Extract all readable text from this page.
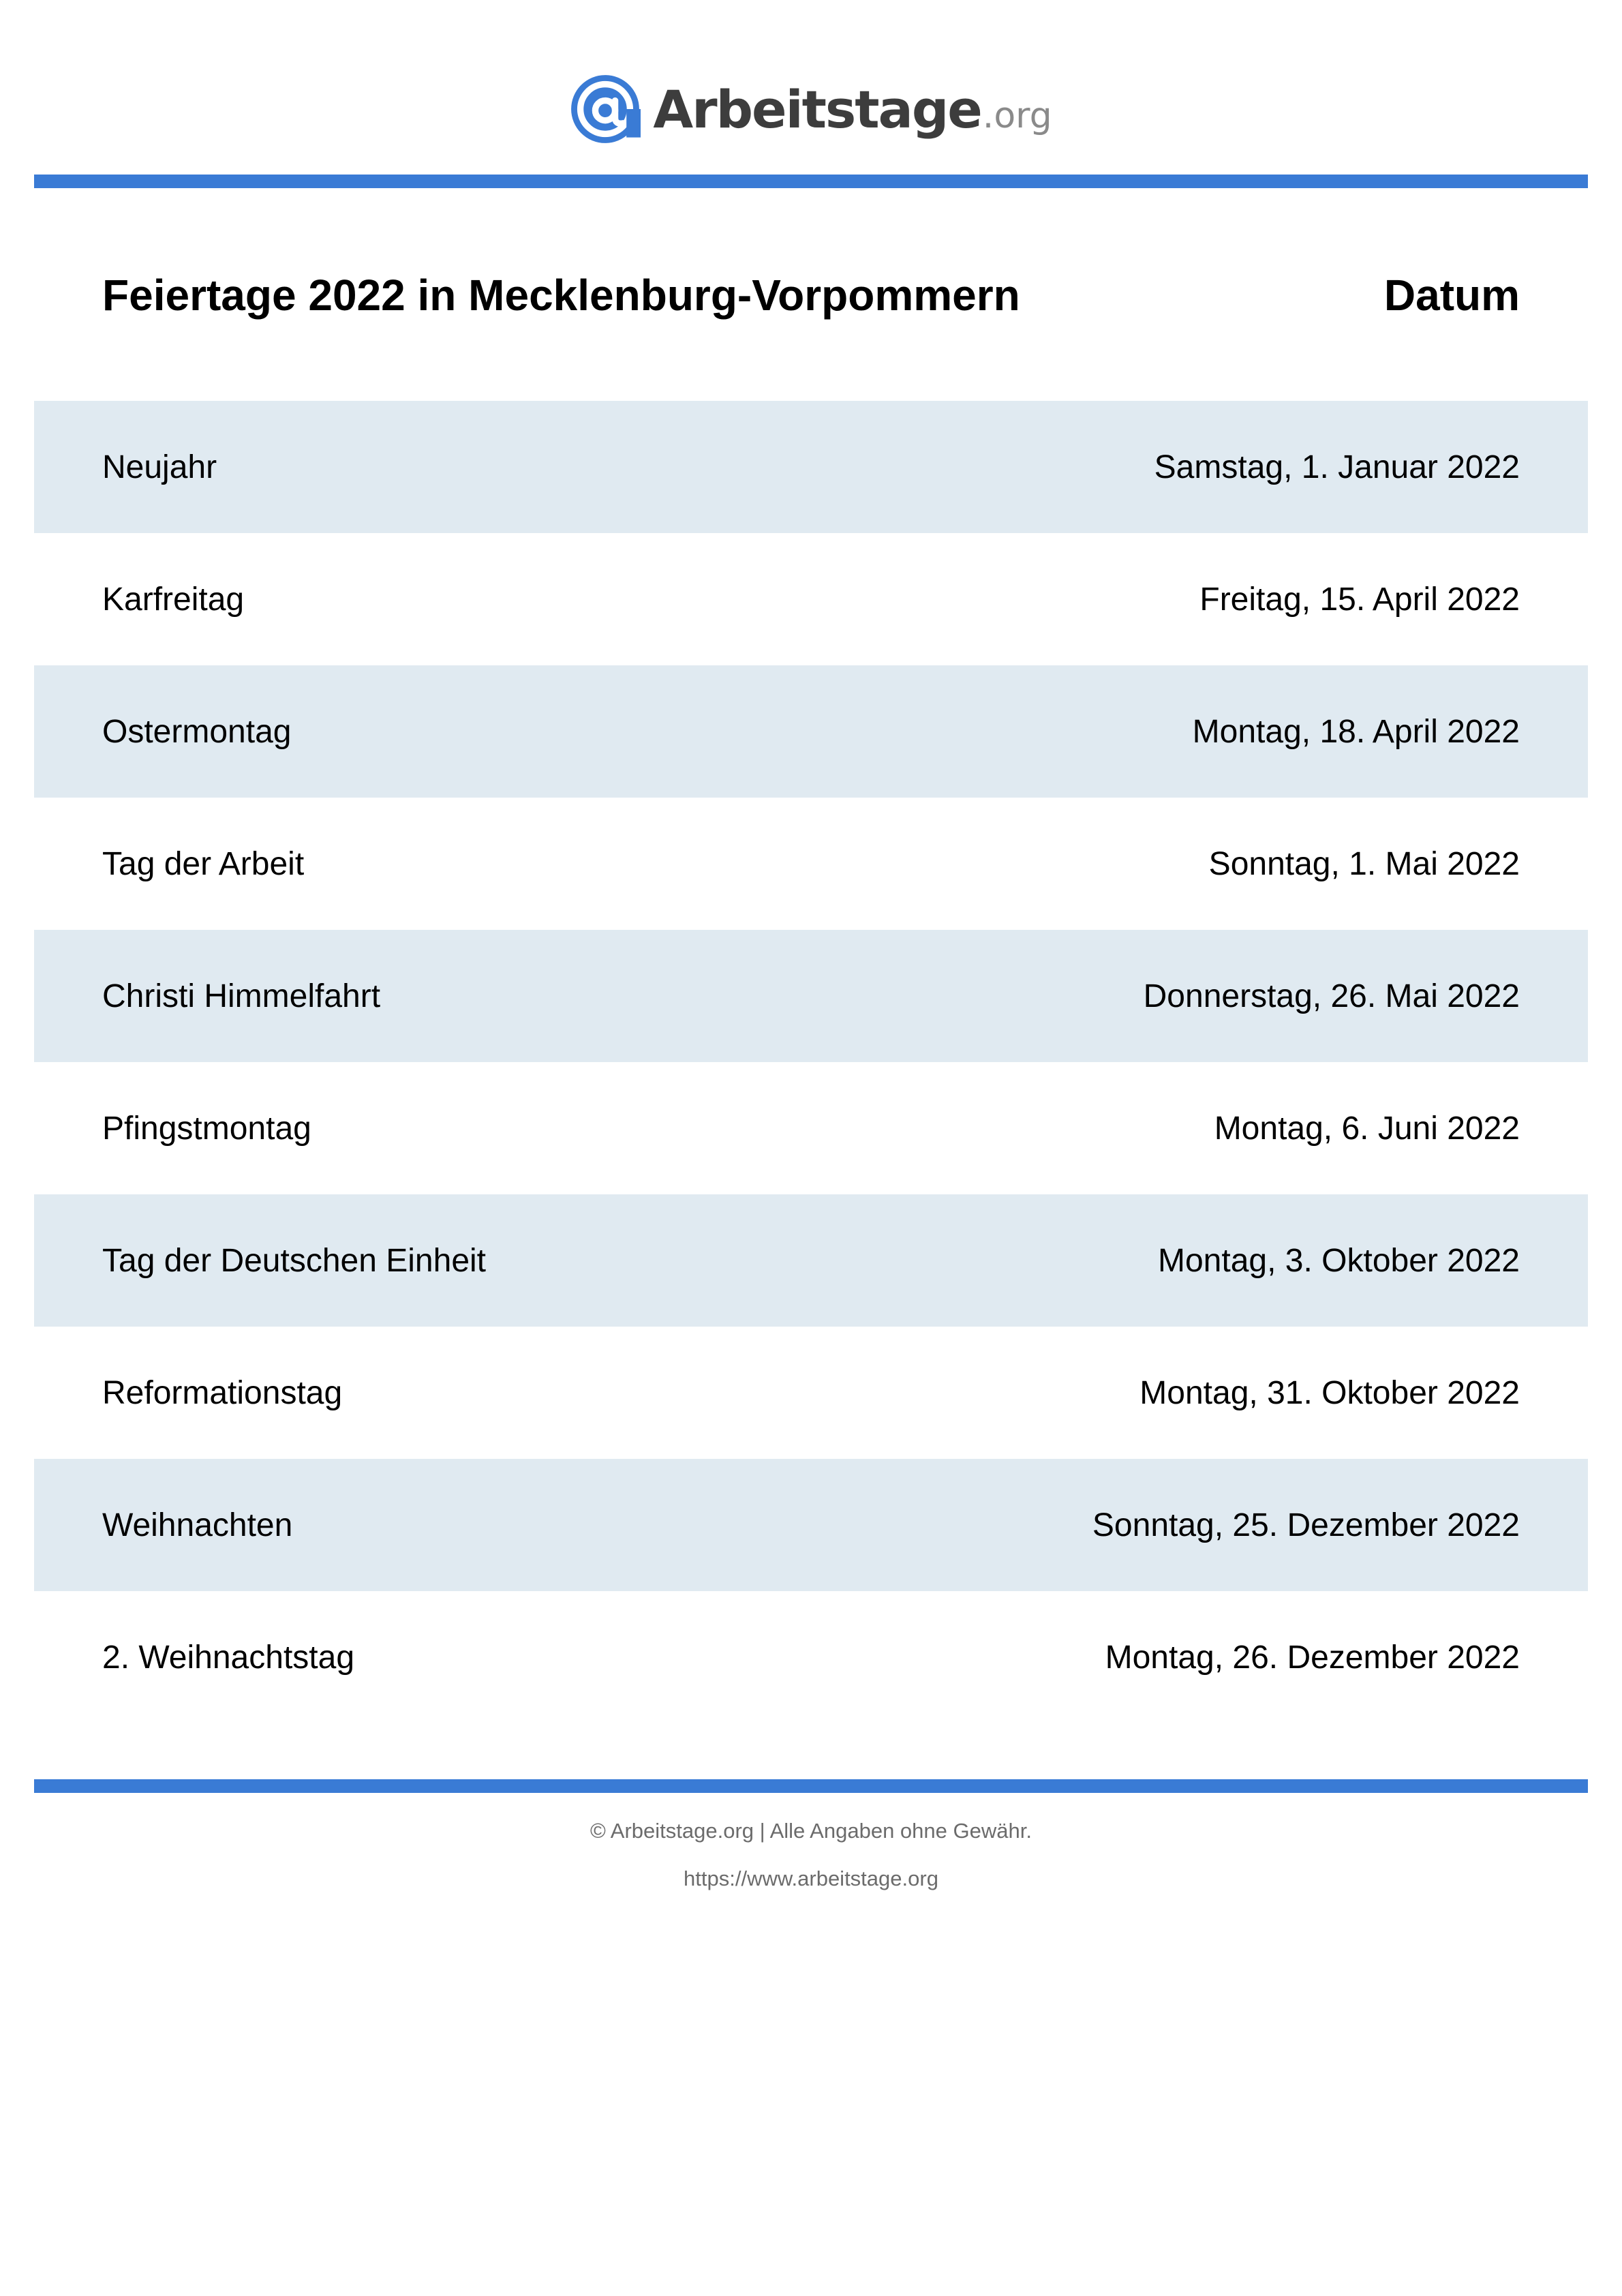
Arbeitstage .org
Feiertage 2022 in Mecklenburg-Vorpommern	Datum
Neujahr	Samstag, 1. Januar 2022
Karfreitag	Freitag, 15. April 2022
Ostermontag	Montag, 18. April 2022
Tag der Arbeit	Sonntag, 1. Mai 2022
Christi Himmelfahrt	Donnerstag, 26. Mai 2022
Pfingstmontag	Montag, 6. Juni 2022
Tag der Deutschen Einheit	Montag, 3. Oktober 2022
Reformationstag	Montag, 31. Oktober 2022
Weihnachten	Sonntag, 25. Dezember 2022
2. Weihnachtstag	Montag, 26. Dezember 2022
© Arbeitstage.org | Alle Angaben ohne Gewähr.
https://www.arbeitstage.org
